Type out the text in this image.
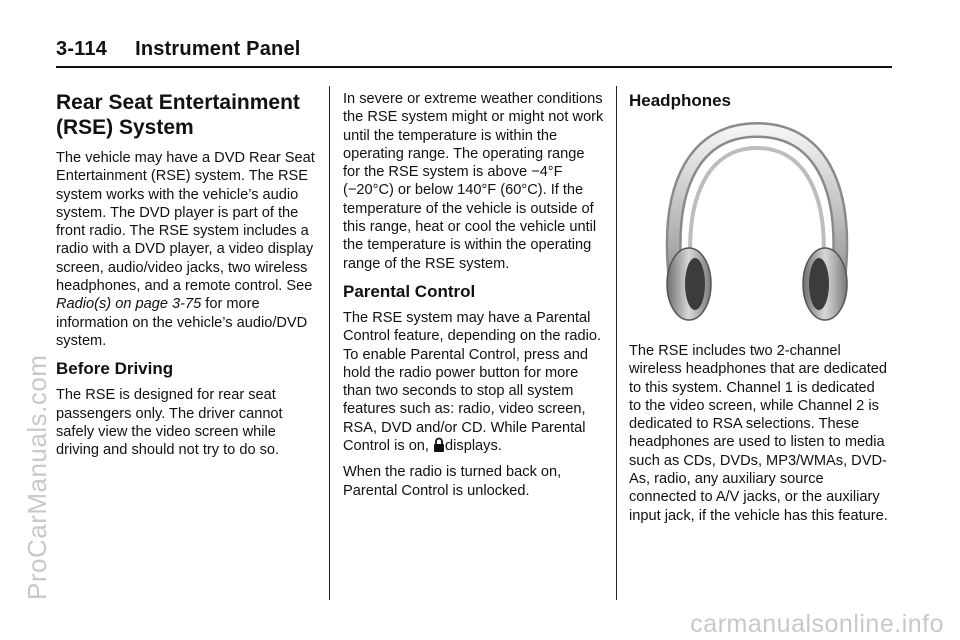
3-114 Instrument Panel
Rear Seat Entertainment (RSE) System

The vehicle may have a DVD Rear Seat Entertainment (RSE) system. The RSE system works with the vehicle’s audio system. The DVD player is part of the front radio. The RSE system includes a radio with a DVD player, a video display screen, audio/video jacks, two wireless headphones, and a remote control. See Radio(s) on page 3‑75 for more information on the vehicle’s audio/DVD system.

Before Driving

The RSE is designed for rear seat passengers only. The driver cannot safely view the video screen while driving and should not try to do so.

In severe or extreme weather conditions the RSE system might or might not work until the temperature is within the operating range. The operating range for the RSE system is above −4°F (−20°C) or below 140°F (60°C). If the temperature of the vehicle is outside of this range, heat or cool the vehicle until the temperature is within the operating range of the RSE system.

Parental Control

The RSE system may have a Parental Control feature, depending on the radio. To enable Parental Control, press and hold the radio power button for more than two seconds to stop all system features such as: radio, video screen, RSA, DVD and/or CD. While Parental Control is on, displays.

When the radio is turned back on, Parental Control is unlocked.

Headphones

The RSE includes two 2-channel wireless headphones that are dedicated to this system. Channel 1 is dedicated to the video screen, while Channel 2 is dedicated to RSA selections. These headphones are used to listen to media such as CDs, DVDs, MP3/WMAs, DVD-As, radio, any auxiliary source connected to A/V jacks, or the auxiliary input jack, if the vehicle has this feature.

ProCarManuals.com
carmanualsonline.info
